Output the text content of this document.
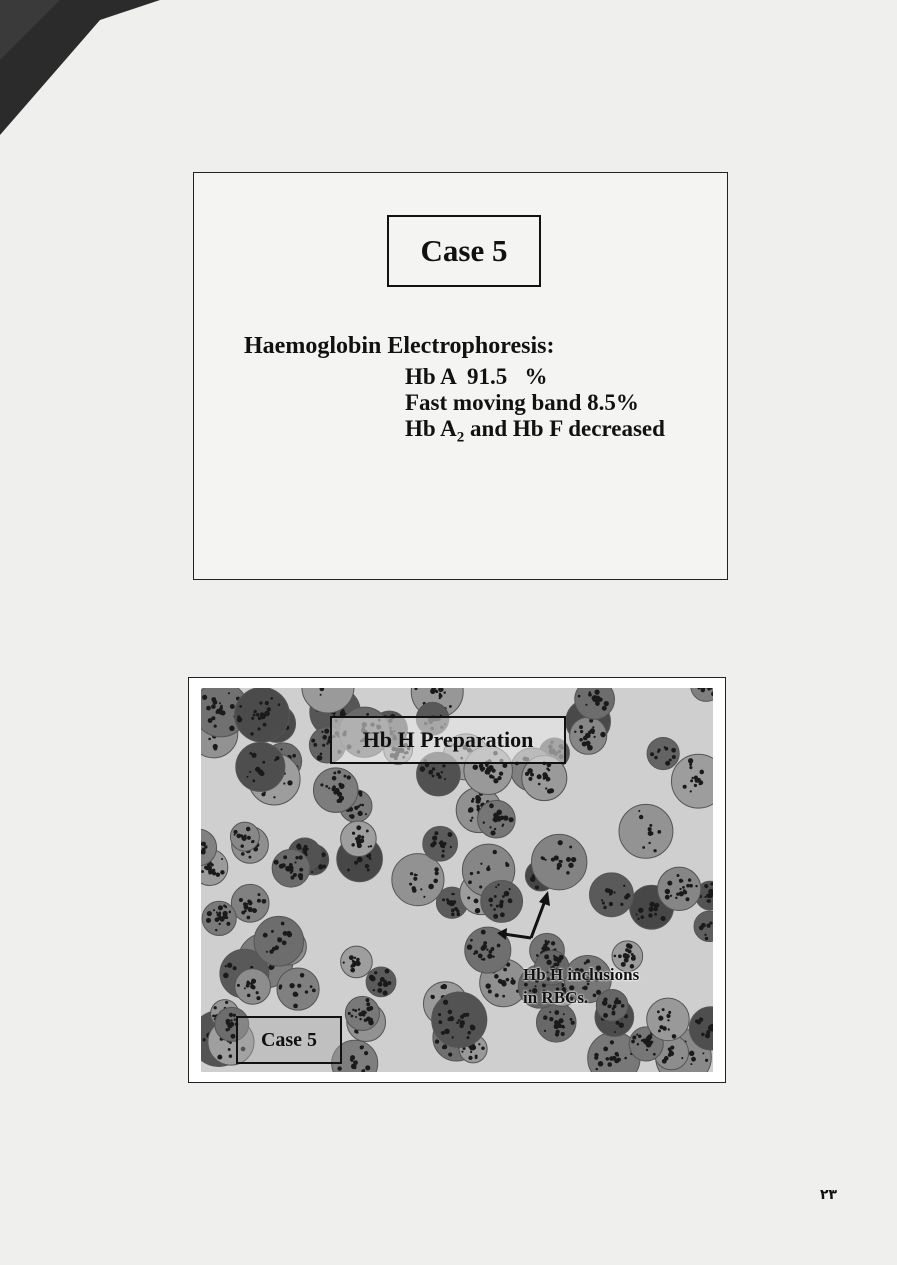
Case 5
Haemoglobin Electrophoresis:
Hb A  91.5   %
Fast moving band 8.5%
Hb $A_2$ and Hb F decreased
Hb H Preparation
Hb H inclusions
in RBCs.
Case 5
٢٣
